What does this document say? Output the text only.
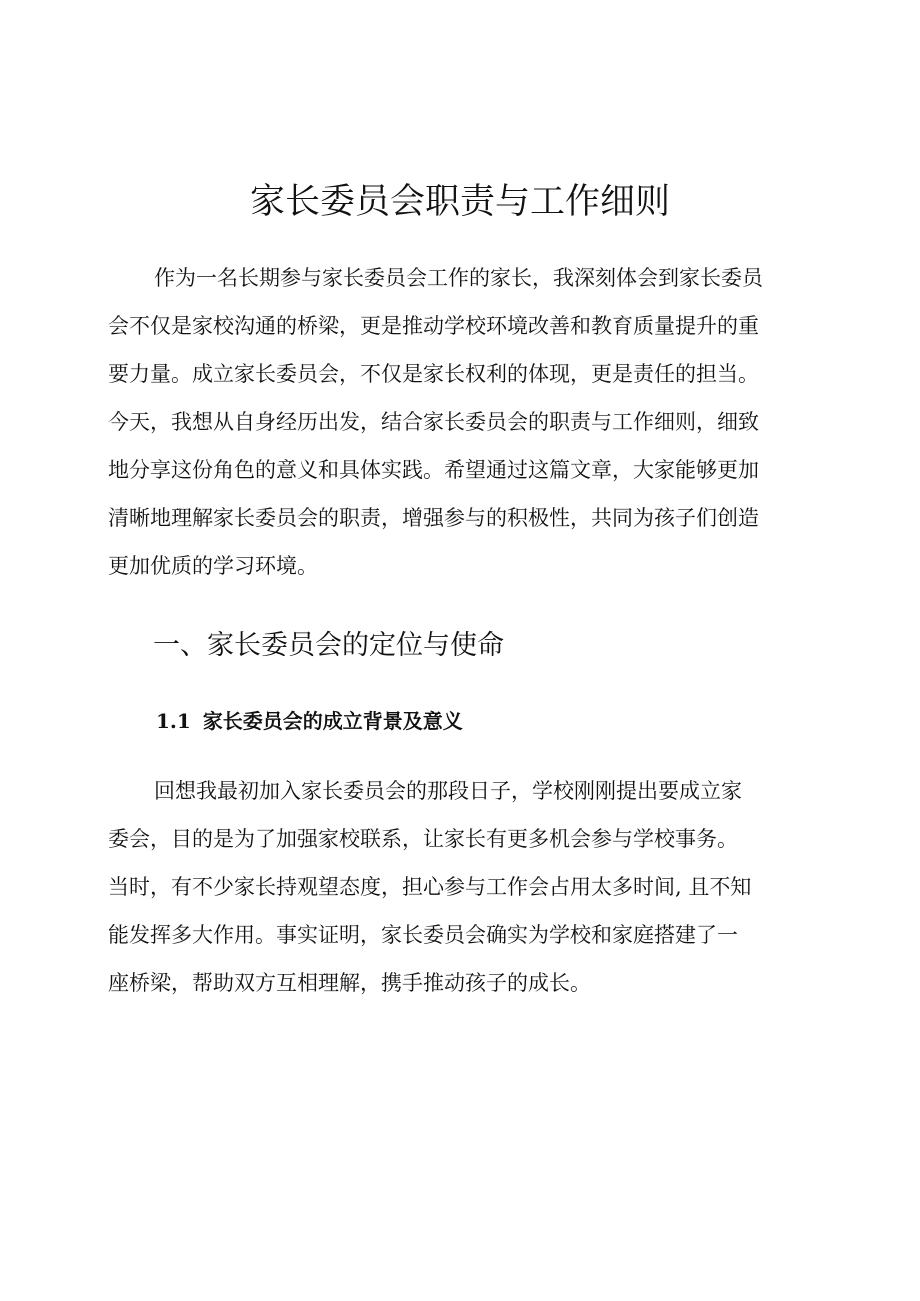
家长委员会职责与工作细则
作为一名长期参与家长委员会工作的家长，我深刻体会到家长委员
会不仅是家校沟通的桥梁，更是推动学校环境改善和教育质量提升的重
要力量。成立家长委员会，不仅是家长权利的体现，更是责任的担当。
今天，我想从自身经历出发，结合家长委员会的职责与工作细则，细致
地分享这份角色的意义和具体实践。希望通过这篇文章，大家能够更加
清晰地理解家长委员会的职责，增强参与的积极性，共同为孩子们创造
更加优质的学习环境。
一、家长委员会的定位与使命
1.1 家长委员会的成立背景及意义
回想我最初加入家长委员会的那段日子，学校刚刚提出要成立家
委会，目的是为了加强家校联系，让家长有更多机会参与学校事务。
当时，有不少家长持观望态度，担心参与工作会占用太多时间, 且不知
能发挥多大作用。事实证明，家长委员会确实为学校和家庭搭建了一
座桥梁，帮助双方互相理解，携手推动孩子的成长。
